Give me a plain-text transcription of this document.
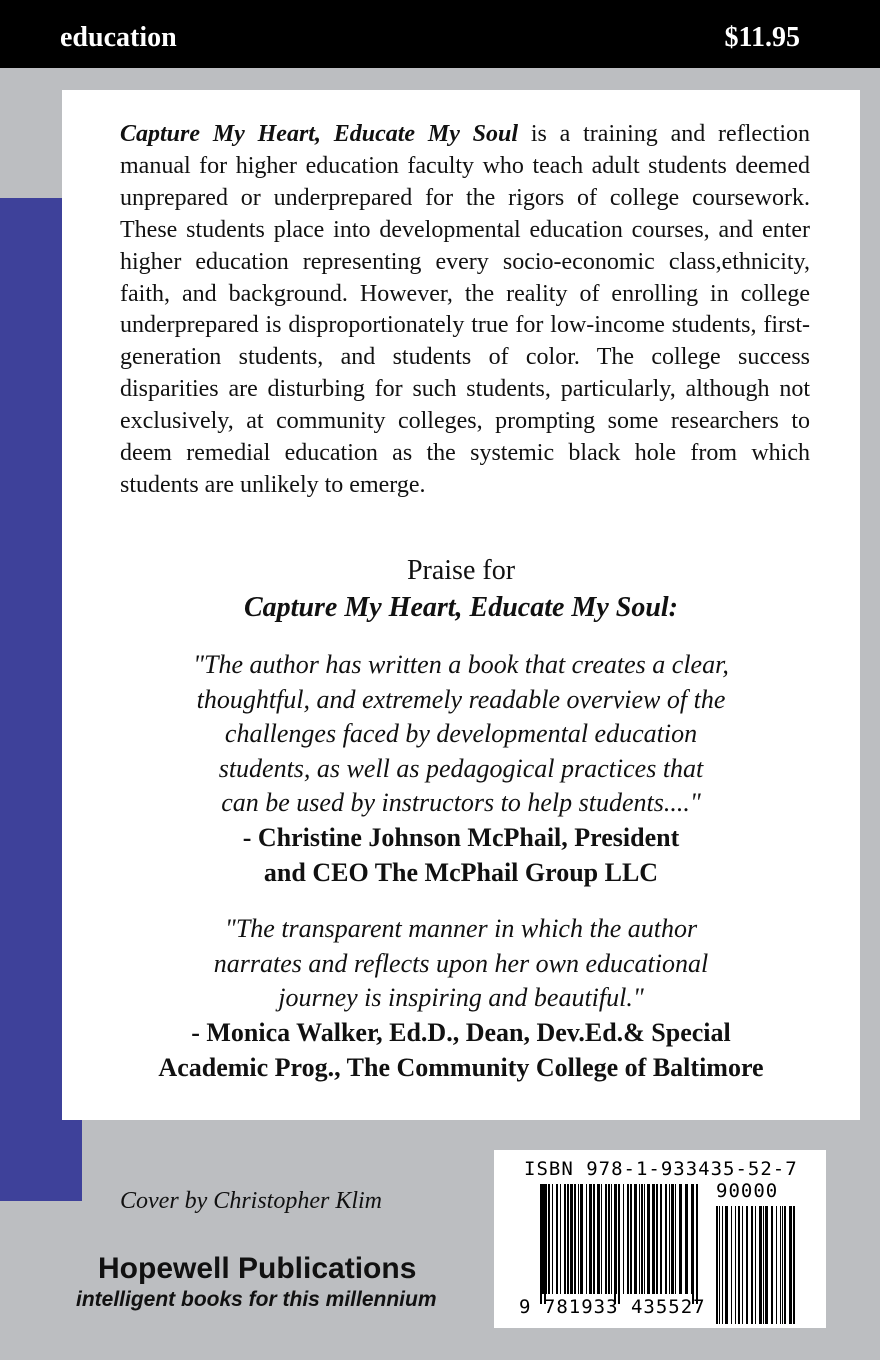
education	$11.95

Capture My Heart, Educate My Soul is a training and reflection manual for higher education faculty who teach adult students deemed unprepared or underprepared for the rigors of college coursework. These students place into developmental education courses, and enter higher education representing every socio-economic class,ethnicity, faith, and background. However, the reality of enrolling in college underprepared is disproportionately true for low-income students, first-generation students, and students of color. The college success disparities are disturbing for such students, particularly, although not exclusively, at community colleges, prompting some researchers to deem remedial education as the systemic black hole from which students are unlikely to emerge.

Praise for
Capture My Heart, Educate My Soul:
"The author has written a book that creates a clear,
thoughtful, and extremely readable overview of the
challenges faced by developmental education
students, as well as pedagogical practices that
can be used by instructors to help students...."
- Christine Johnson McPhail, President
and CEO The McPhail Group LLC
"The transparent manner in which the author
narrates and reflects upon her own educational
journey is inspiring and beautiful."
- Monica Walker, Ed.D., Dean, Dev.Ed.& Special
Academic Prog., The Community College of Baltimore
Cover by Christopher Klim
Hopewell Publications
intelligent books for this millennium
ISBN 978-1-933435-52-7
90000
9 781933 435527
